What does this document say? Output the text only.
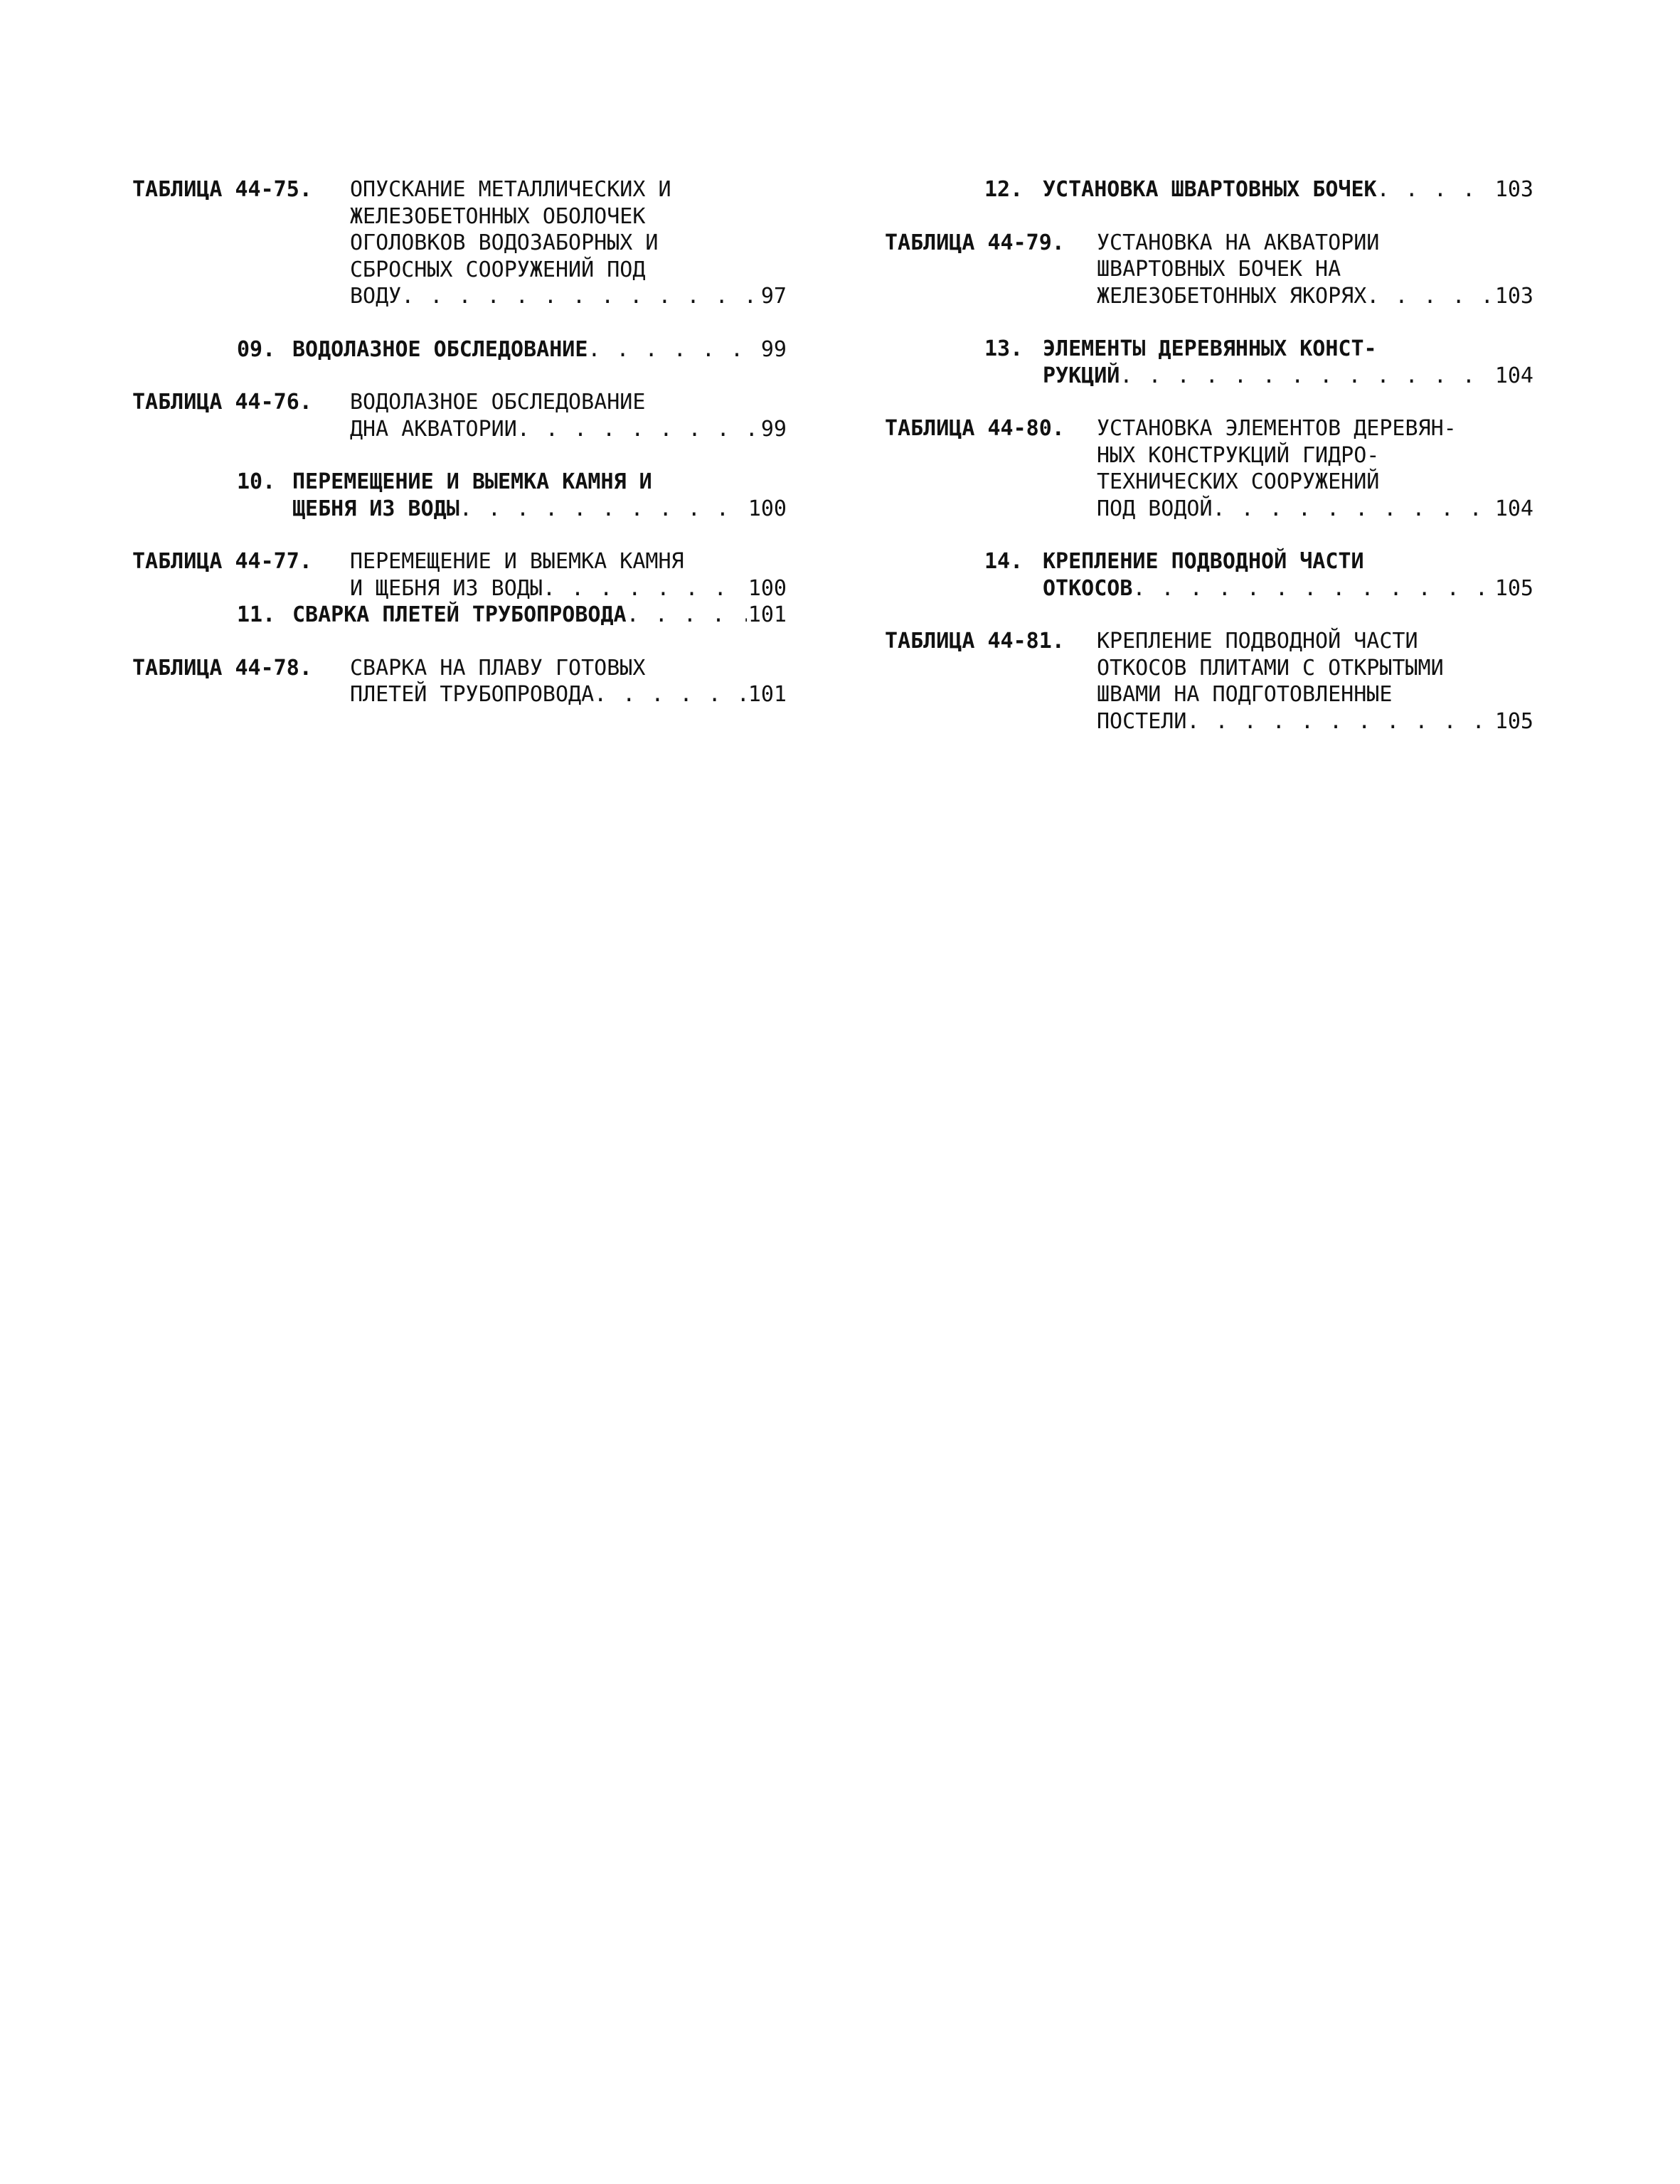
ТАБЛИЦА 44-75. ОПУСКАНИЕ МЕТАЛЛИЧЕСКИХ И
ЖЕЛЕЗОБЕТОННЫХ ОБОЛОЧЕК
ОГОЛОВКОВ ВОДОЗАБОРНЫХ И
СБРОСНЫХ СООРУЖЕНИЙ ПОД
ВОДУ . . .	97
09. ВОДОЛАЗНОЕ ОБСЛЕДОВАНИЕ . . .	99
ТАБЛИЦА 44-76. ВОДОЛАЗНОЕ ОБСЛЕДОВАНИЕ
ДНА АКВАТОРИИ . . .	99
10. ПЕРЕМЕЩЕНИЕ И ВЫЕМКА КАМНЯ И
ЩЕБНЯ ИЗ ВОДЫ . . .	100
ТАБЛИЦА 44-77. ПЕРЕМЕЩЕНИЕ И ВЫЕМКА КАМНЯ
И ЩЕБНЯ ИЗ ВОДЫ . . .	100
11. СВАРКА ПЛЕТЕЙ ТРУБОПРОВОДА . . .	101
ТАБЛИЦА 44-78. СВАРКА НА ПЛАВУ ГОТОВЫХ
ПЛЕТЕЙ ТРУБОПРОВОДА . . .	101
12. УСТАНОВКА ШВАРТОВНЫХ БОЧЕК . . .	103
ТАБЛИЦА 44-79. УСТАНОВКА НА АКВАТОРИИ
ШВАРТОВНЫХ БОЧЕК НА
ЖЕЛЕЗОБЕТОННЫХ ЯКОРЯХ . . .	103
13. ЭЛЕМЕНТЫ ДЕРЕВЯННЫХ КОНСТ-
РУКЦИЙ . . .	104
ТАБЛИЦА 44-80. УСТАНОВКА ЭЛЕМЕНТОВ ДЕРЕВЯН-
НЫХ КОНСТРУКЦИЙ ГИДРО-
ТЕХНИЧЕСКИХ СООРУЖЕНИЙ
ПОД ВОДОЙ . . .	104
14. КРЕПЛЕНИЕ ПОДВОДНОЙ ЧАСТИ
ОТКОСОВ . . .	105
ТАБЛИЦА 44-81. КРЕПЛЕНИЕ ПОДВОДНОЙ ЧАСТИ
ОТКОСОВ ПЛИТАМИ С ОТКРЫТЫМИ
ШВАМИ НА ПОДГОТОВЛЕННЫЕ
ПОСТЕЛИ . . .	105
